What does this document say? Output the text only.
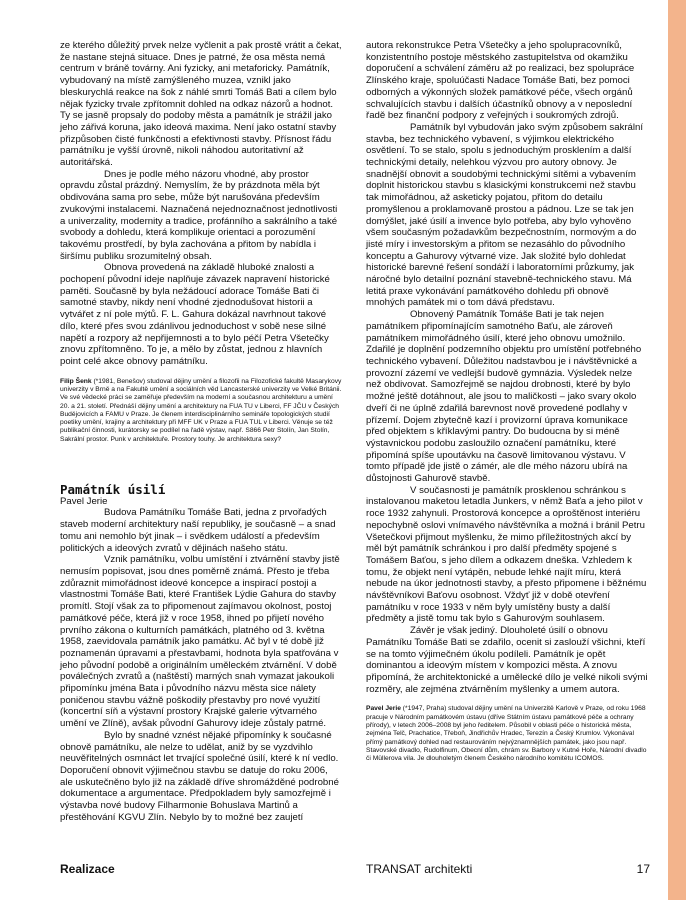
ze kterého důležitý prvek nelze vyčlenit a pak prostě vrátit a čekat, že nastane stejná situace. Dnes je patrné, že osa města nemá centrum v bráně továrny. Ani fyzicky, ani metaforicky. Památník, vybudovaný na místě zamýšleného muzea, vznikl jako bleskurychlá reakce na šok z náhlé smrti Tomáš Bati a cílem bylo nějak fyzicky trvale zpřítomnit dohled na odkaz názorů a hodnot. Ty se jasně propsaly do podoby města a památník je strážil jako jeho zářivá koruna, jako ideová maxima. Není jako ostatní stavby přizpůsoben čisté funkčnosti a efektivnosti stavby. Přísnost řádu památníku je vyšší úrovně, nikoli náhodou autoritativní až autoritářská.

Dnes je podle mého názoru vhodné, aby prostor opravdu zůstal prázdný. Nemyslím, že by prázdnota měla být obdivována sama pro sebe, může být narušována především zvukovými instalacemi. Naznačená nejednoznačnost jednotlivosti a univerzality, modernity a tradice, profánního a sakrálního a také svobody a dohledu, která komplikuje orientaci a porozumění takovému prostředí, by byla zachována a přitom by nabídla i širšímu publiku srozumitelný obsah.

Obnova provedená na základě hluboké znalosti a pochopení původní ideje naplňuje závazek napravení historické paměti. Současně by byla nežádoucí adorace Tomáše Bati či samotné stavby, nikdy není vhodné zjednodušovat historii a vytvářet z ní pole mýtů. F. L. Gahura dokázal navrhnout takové dílo, které přes svou zdánlivou jednoduchost v sobě nese silné napětí a rozpory až nepřijemnosti a to bylo péčí Petra Všetečky znovu zpřítomněno. To je, a mělo by zůstat, jednou z hlavních point celé akce obnovy památníku.

Filip Šenk (*1981, Benešov) studoval dějiny umění a filozofii na Filozofické fakultě Masarykovy univerzity v Brně a na Fakultě umění a sociálních věd Lancasterské univerzity ve Velké Británii. Ve své vědecké práci se zaměřuje především na moderní a současnou architekturu a umění 20. a 21. století. Přednáší dějiny umění a architektury na FUA TU v Liberci, FF JČU v Českých Budějovicích a FAMU v Praze. Je členem interdisciplinárního semináře topologických studií poetiky umění, krajiny a architektury při MFF UK v Praze a FUA TUL v Liberci. Věnuje se též publikační činnosti, kurátorsky se podílel na řadě výstav, např. S866 Petr Stolín, Jan Stolín, Sakrální prostor. Punk v architektuře. Prostory touhy. Je architektura sexy?

Památník úsilí

Pavel Jerie

Budova Památníku Tomáše Bati, jedna z prvořadých staveb moderní architektury naší republiky, je současně – a snad tomu ani nemohlo být jinak – i svědkem událostí a především politických a ideových zvratů v dějinách našeho státu.

Vznik památníku, volbu umístění i ztvárnění stavby jistě nemusím popisovat, jsou dnes poměrně známá. Přesto je třeba zdůraznit mimořádnost ideové koncepce a inspirací postoji a vlastnostmi Tomáše Bati, které František Lýdie Gahura do stavby promítl. Stojí však za to připomenout zajímavou okolnost, postoj památkové péče, která již v roce 1958, ihned po přijetí nového prvního zákona o kulturních památkách, platného od 3. května 1958, zaevidovala památník jako památku. Ač byl v té době již poznamenán úpravami a přestavbami, hodnota byla spatřována v jeho původní podobě a originálním uměleckém ztvárnění. V době poválečných zvratů a (naštěstí) marných snah vymazat jakoukoli připomínku jména Bata i původního názvu města sice nálety poničenou stavbu vážně poškodily přestavby pro nové využití (koncertní síň a výstavní prostory Krajské galerie výtvarného umění ve Zlíně), avšak původní Gahurovy ideje zůstaly patrné.

Bylo by snadné vznést nějaké připomínky k současné obnově památníku, ale nelze to udělat, aniž by se vyzdvihlo neuvěřitelných osmnáct let trvající společné úsilí, které k ní vedlo. Doporučení obnovit výjimečnou stavbu se datuje do roku 2006, ale uskutečněno bylo již na základě dříve shromážděné podrobné dokumentace a argumentace. Předpokladem byly samozřejmě i výstavba nové budovy Filharmonie Bohuslava Martinů a přestěhování KGVU Zlín. Nebylo by to možné bez zaujetí

autora rekonstrukce Petra Všetečky a jeho spolupracovníků, konzistentního postoje městského zastupitelstva od okamžiku doporučení a schválení záměru až po realizaci, bez spolupráce Zlínského kraje, spoluúčasti Nadace Tomáše Bati, bez pomoci odborných a výkonných složek památkové péče, všech orgánů schvalujících stavbu i dalších účastníků obnovy a v neposlední řadě bez finanční podpory z veřejných i soukromých zdrojů.

Památník byl vybudován jako svým způsobem sakrální stavba, bez technického vybavení, s výjimkou elektrického osvětlení. To se stalo, spolu s jednoduchým prosklením a další technickými detaily, nelehkou výzvou pro autory obnovy. Je snadnější obnovit a soudobými technickými sítěmi a vybavením doplnit historickou stavbu s klasickými konstrukcemi než stavbu tak mimořádnou, až asketicky pojatou, přitom do detailu promyšlenou a proklamovaně prostou a pádnou. Lze se tak jen domýšlet, jaké úsilí a invence bylo potřeba, aby bylo vyhověno všem současným požadavkům bezpečnostním, normovým a do jisté míry i investorským a přitom se nezasáhlo do původního konceptu a Gahurovy výtvarné vize. Jak složité bylo dohledat historické barevné řešení sondáží i laboratorními průzkumy, jak náročné bylo detailní poznání stavebně-technického stavu. Má letitá praxe vykonávání památkového dohledu při obnově mnohých památek mi o tom dává představu.

Obnovený Památník Tomáše Bati je tak nejen památníkem připomínajícím samotného Baťu, ale zároveň památníkem mimořádného úsilí, které jeho obnovu umožnilo. Zdařilé je doplnění podzemního objektu pro umístění potřebného technického vybavení. Důležitou nadstavbou je i návštěvnické a provozní zázemí ve vedlejší budově gymnázia. Výsledek nelze než obdivovat. Samozřejmě se najdou drobnosti, které by bylo možné ještě dotáhnout, ale jsou to maličkosti – jako svary okolo dveří či ne úplně zdařilá barevnost nově provedené podlahy v přízemí. Dojem zbytečně kazí i provizorní úprava komunikace před objektem s kříklavými pantry. Do budoucna by si méně výstavnickou podobu zasloužilo označení památníku, které připomíná spíše upoutávku na časově limitovanou výstavu. V tomto případě jde jistě o zámér, ale dle mého názoru ubírá na důstojnosti Gahurově stavbě.

V současnosti je památník prosklenou schránkou s instalovanou maketou letadla Junkers, v němž Baťa a jeho pilot v roce 1932 zahynuli. Prostorová koncepce a oproštěnost interiéru nepochybně oslovi vnímavého návštěvníka a možná i bránil Petru Všetečkovi přijmout myšlenku, že mimo příležitostných akcí by měl být památník schránkou i pro další předměty spojené s Tomášem Baťou, s jeho dílem a odkazem dneška. Vzhledem k tomu, že objekt není vytápěn, nebude lehké najít míru, která nebude na úkor jednotnosti stavby, a přesto připomene i běžnému návštěvníkovi Baťovu osobnost. Vždyť již v době otevření památníku v roce 1933 v něm byly umístěny busty a další předměty a jistě tomu tak bylo s Gahurovým souhlasem.

Závěr je však jediný. Dlouholeté úsilí o obnovu Památníku Tomáše Bati se zdařilo, ocenit si zaslouží všichni, kteří se na tomto výjimečném úkolu podíleli. Památník je opět dominantou a ideovým místem v kompozici města. A znovu připomíná, že architektonické a umělecké dílo je velké nikoli svými rozměry, ale zejména ztvárněním myšlenky a umem autora.

Pavel Jerie (*1947, Praha) studoval dějiny umění na Univerzitě Karlově v Praze, od roku 1968 pracuje v Národním památkovém ústavu (dříve Státním ústavu památkové péče a ochrany přírody), v letech 2006–2008 byl jeho ředitelem. Působil v oblasti péče o historická města, zejména Telč, Prachatice, Třeboň, Jindřichův Hradec, Terezín a Český Krumlov. Vykonával přímý památkový dohled nad restaurováním nejvýznamnějších památek, jako jsou např. Stavovské divadlo, Rudolfinum, Obecní dům, chrám sv. Barbory v Kutné Hoře, Národní divadlo či Müllerova vila. Je dlouholetým členem Českého národního komitétu ICOMOS.

Realizace	TRANSAT architekti	17
